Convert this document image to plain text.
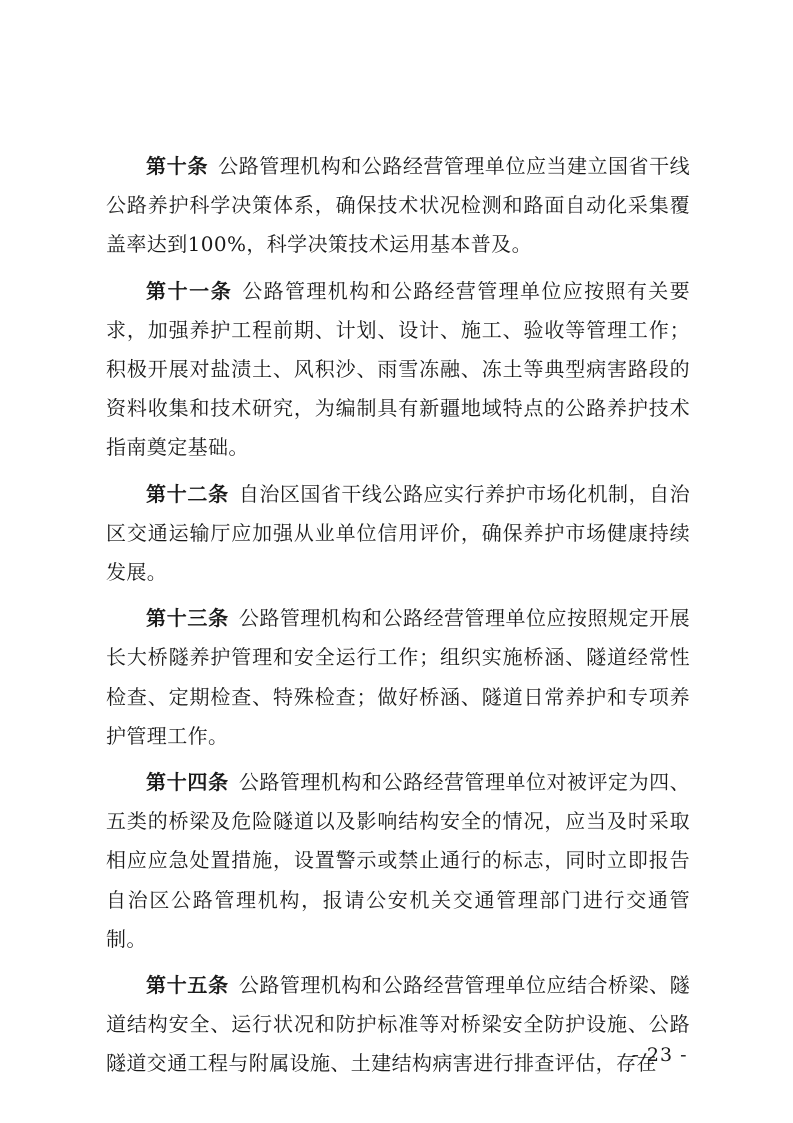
第十条 公路管理机构和公路经营管理单位应当建立国省干线公路养护科学决策体系，确保技术状况检测和路面自动化采集覆盖率达到100%，科学决策技术运用基本普及。

第十一条 公路管理机构和公路经营管理单位应按照有关要求，加强养护工程前期、计划、设计、施工、验收等管理工作；积极开展对盐渍土、风积沙、雨雪冻融、冻土等典型病害路段的资料收集和技术研究，为编制具有新疆地域特点的公路养护技术指南奠定基础。

第十二条 自治区国省干线公路应实行养护市场化机制，自治区交通运输厅应加强从业单位信用评价，确保养护市场健康持续发展。

第十三条 公路管理机构和公路经营管理单位应按照规定开展长大桥隧养护管理和安全运行工作；组织实施桥涵、隧道经常性检查、定期检查、特殊检查；做好桥涵、隧道日常养护和专项养护管理工作。

第十四条 公路管理机构和公路经营管理单位对被评定为四、五类的桥梁及危险隧道以及影响结构安全的情况，应当及时采取相应应急处置措施，设置警示或禁止通行的标志，同时立即报告自治区公路管理机构，报请公安机关交通管理部门进行交通管制。

第十五条 公路管理机构和公路经营管理单位应结合桥梁、隧道结构安全、运行状况和防护标准等对桥梁安全防护设施、公路隧道交通工程与附属设施、土建结构病害进行排查评估，存在

- 23 -
